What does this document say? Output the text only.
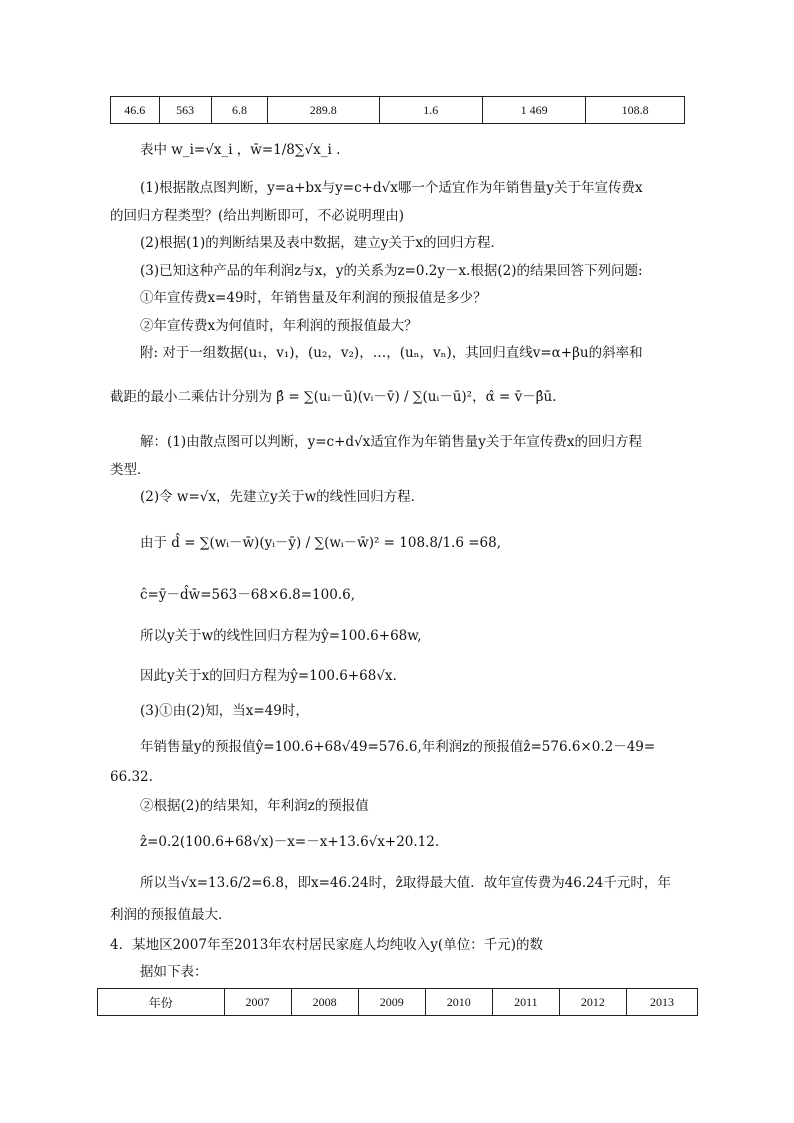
46.6	563	6.8	289.8	1.6	1 469	108.8
表中 w_i=√x_i ，w̄=1/8∑√x_i .
(1)根据散点图判断，y=a+bx与y=c+d√x哪一个适宜作为年销售量y关于年宣传费x
的回归方程类型？(给出判断即可，不必说明理由)
(2)根据(1)的判断结果及表中数据，建立y关于x的回归方程．
(3)已知这种产品的年利润z与x，y的关系为z=0.2y－x.根据(2)的结果回答下列问题:
①年宣传费x=49时，年销售量及年利润的预报值是多少？
②年宣传费x为何值时，年利润的预报值最大？
附: 对于一组数据(u₁，v₁)，(u₂，v₂)，…，(uₙ，vₙ)，其回归直线v=α+βu的斜率和
截距的最小二乘估计分别为 β̂ = ∑(uᵢ－ū)(vᵢ－v̄) / ∑(uᵢ－ū)²，α̂ = v̄－β̂ū.
解：(1)由散点图可以判断，y=c+d√x适宜作为年销售量y关于年宣传费x的回归方程
类型．
(2)令 w=√x，先建立y关于w的线性回归方程．
由于 d̂ = ∑(wᵢ－w̄)(yᵢ－ȳ) / ∑(wᵢ－w̄)² = 108.8/1.6 =68,
ĉ=ȳ－d̂w̄=563－68×6.8=100.6,
所以y关于w的线性回归方程为ŷ=100.6+68w,
因此y关于x的回归方程为ŷ=100.6+68√x.
(3)①由(2)知，当x=49时，
年销售量y的预报值ŷ=100.6+68√49=576.6,年利润z的预报值ẑ=576.6×0.2－49=
66.32.
②根据(2)的结果知，年利润z的预报值
ẑ=0.2(100.6+68√x)－x=－x+13.6√x+20.12.
所以当√x=13.6/2=6.8，即x=46.24时，ẑ取得最大值．故年宣传费为46.24千元时，年
利润的预报值最大．
4．某地区2007年至2013年农村居民家庭人均纯收入y(单位：千元)的数
据如下表：
年份	2007	2008	2009	2010	2011	2012	2013
